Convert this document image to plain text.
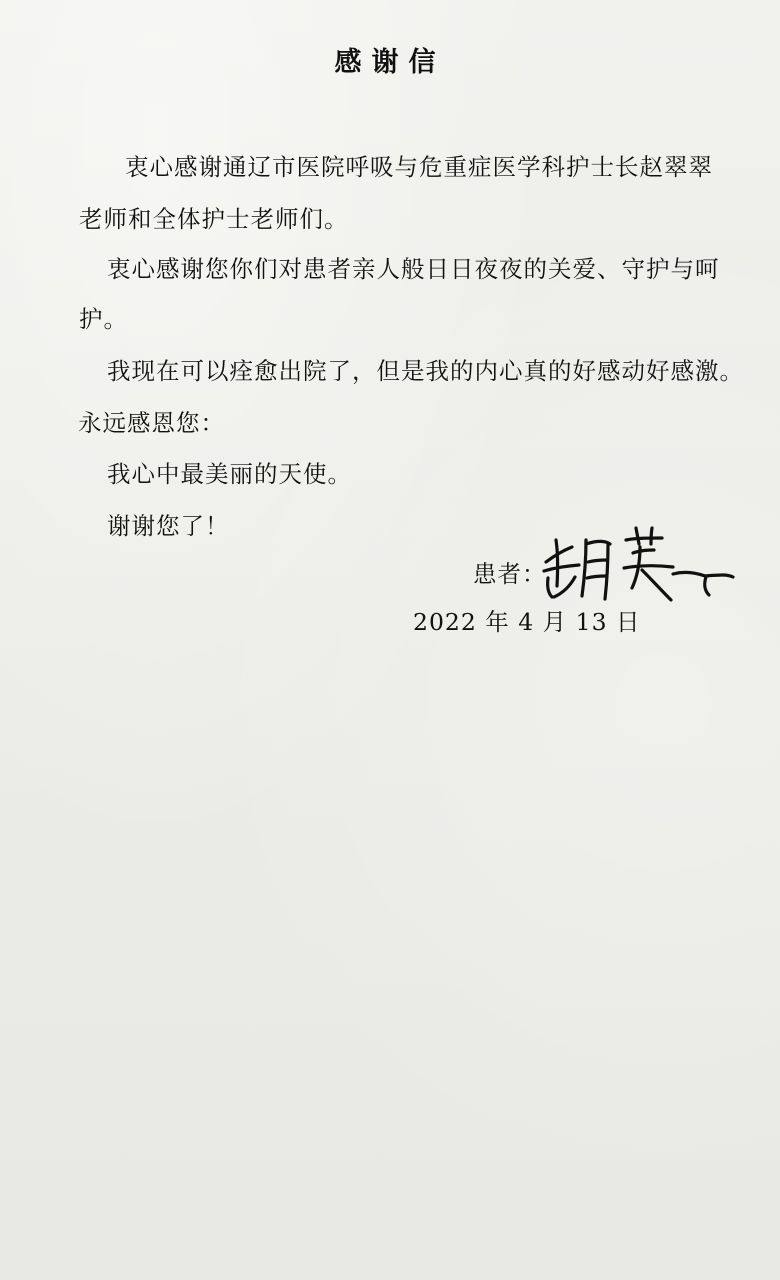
感谢信
衷心感谢通辽市医院呼吸与危重症医学科护士长赵翠翠
老师和全体护士老师们。
衷心感谢您你们对患者亲人般日日夜夜的关爱、守护与呵
护。
我现在可以痊愈出院了，但是我的内心真的好感动好感激。
永远感恩您：
我心中最美丽的天使。
谢谢您了！
患者：
2022 年 4 月 13 日
